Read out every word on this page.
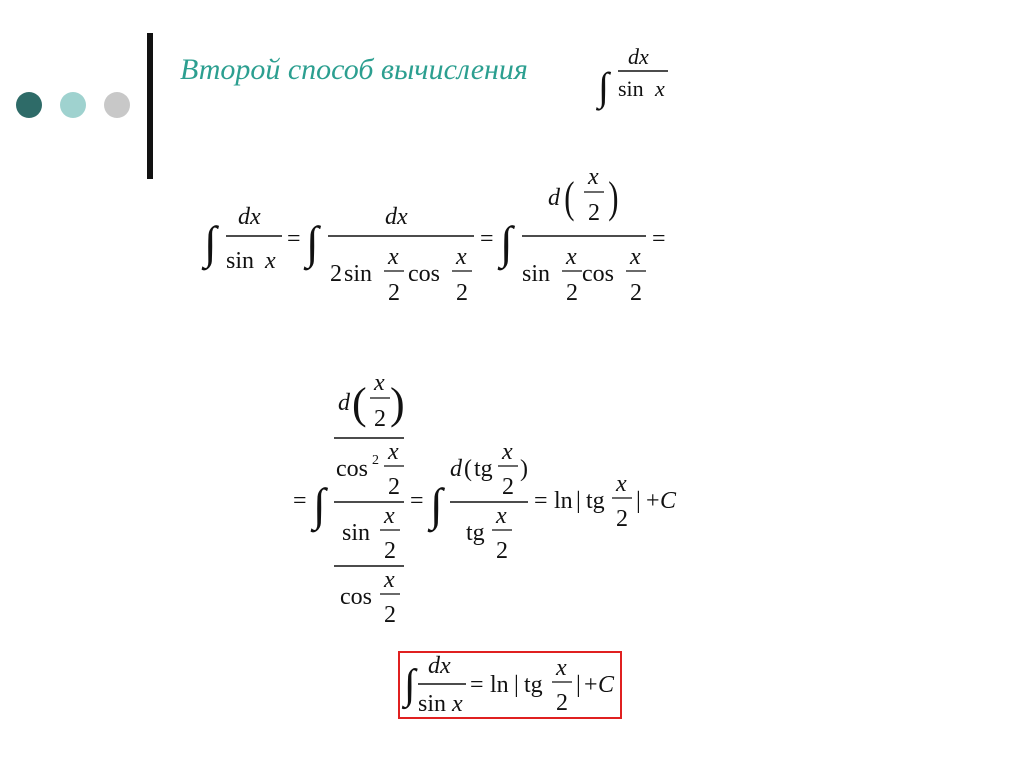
Второй способ вычисления ∫
dx
sin x
∫ dx
sin x
= ∫	dx
2 sin
x
2
cos
x
2
= ∫
d ( x
2 )
sin
x
2
cos
x
2
=
= ∫
d ( x
2 )
cos 2 x
2
sin
x
2
cos
x
2
= ∫
d ( tg
x
2
)
tg
x
2
= ln | tg
x
2
| + C
∫ dx
sin x
= ln | tg
x
2
| + C
